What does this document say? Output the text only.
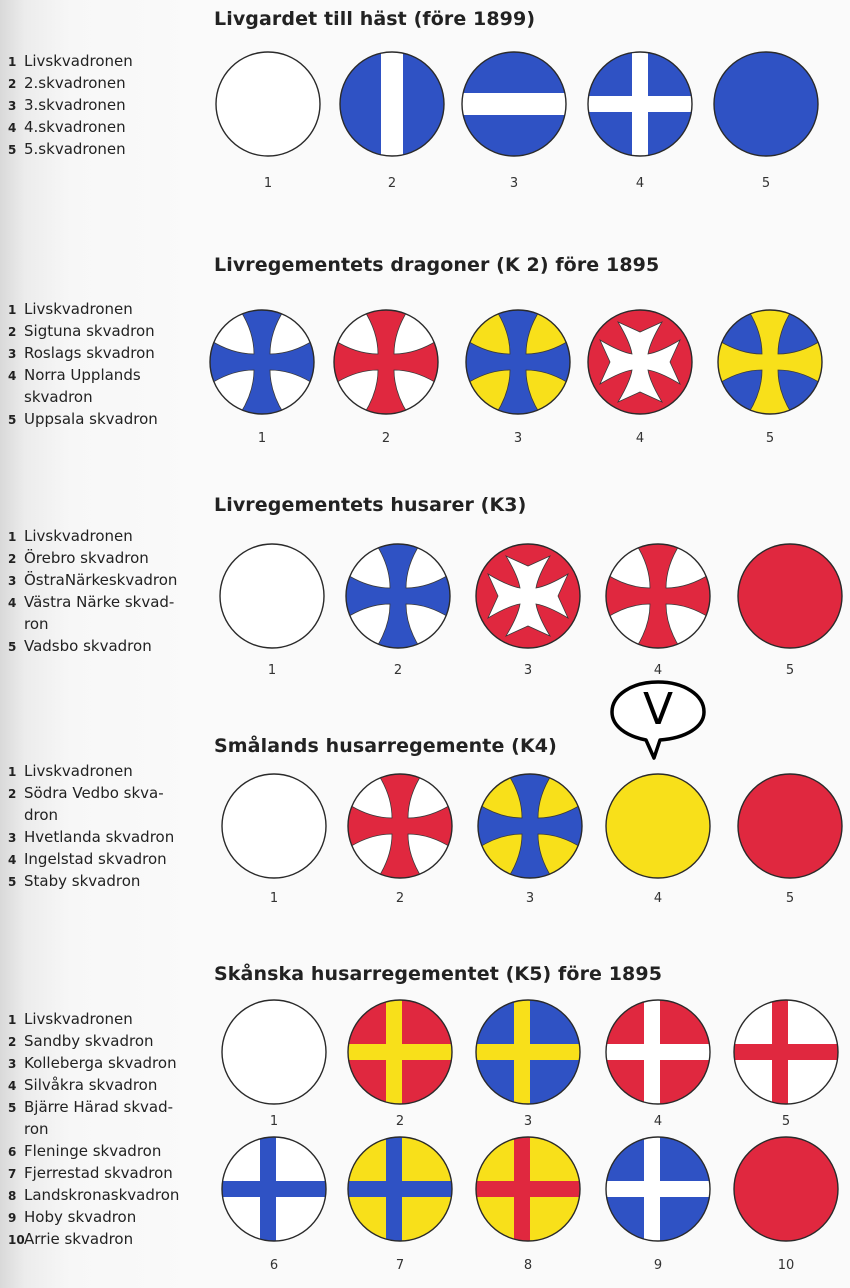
Livgardet till häst (före 1899)
1 Livskvadronen
2 2.skvadronen
3 3.skvadronen
4 4.skvadronen
5 5.skvadronen
Livregementets dragoner (K 2) före 1895
1 Livskvadronen
2 Sigtuna skvadron
3 Roslags skvadron
4 Norra Upplands
skvadron
5 Uppsala skvadron
Livregementets husarer (K3)
1 Livskvadronen
2 Örebro skvadron
3 ÖstraNärkeskvadron
4 Västra Närke skvad-
ron
5 Vadsbo skvadron
Smålands husarregemente (K4)
1 Livskvadronen
2 Södra Vedbo skva-
dron
3 Hvetlanda skvadron
4 Ingelstad skvadron
5 Staby skvadron
Skånska husarregementet (K5) före 1895
1 Livskvadronen
2 Sandby skvadron
3 Kolleberga skvadron
4 Silvåkra skvadron
5 Bjärre Härad skvad-
ron
6 Fleninge skvadron
7 Fjerrestad skvadron
8 Landskronaskvadron
9 Hoby skvadron
10 Arrie skvadron
1	2	3	4	5
1	2	3	4	5
1	2	3	4	5
1	2	3	4	5
1	2	3	4	5
6	7	8	9	10
V
